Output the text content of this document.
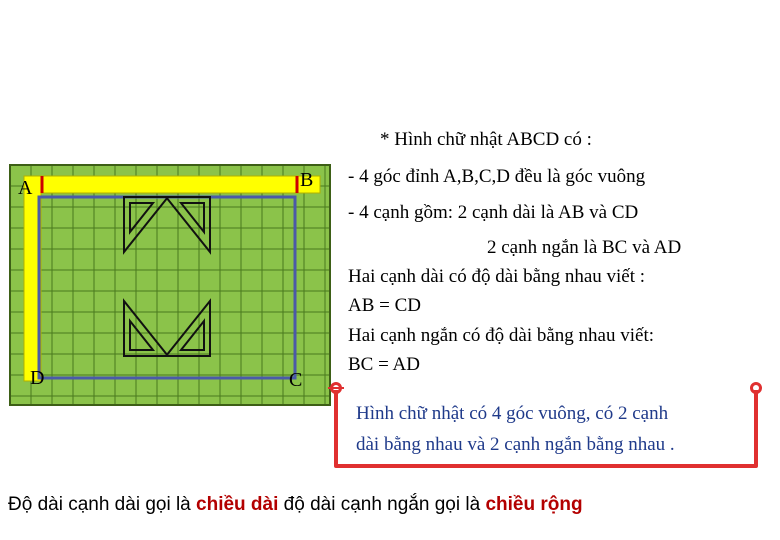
A	B
D	C
* Hình chữ nhật ABCD có :
- 4 góc đỉnh A,B,C,D đều là góc vuông
- 4 cạnh gồm: 2 cạnh dài là AB và CD
2 cạnh ngắn là BC và AD
Hai cạnh dài có độ dài bằng nhau viết :
AB = CD
Hai cạnh ngắn có độ dài bằng nhau viết:
BC = AD
Hình chữ nhật có 4 góc vuông, có 2 cạnh
dài bằng nhau và 2 cạnh ngắn bằng nhau .
Độ dài cạnh dài gọi là chiều dài độ dài cạnh ngắn gọi là chiều rộng
